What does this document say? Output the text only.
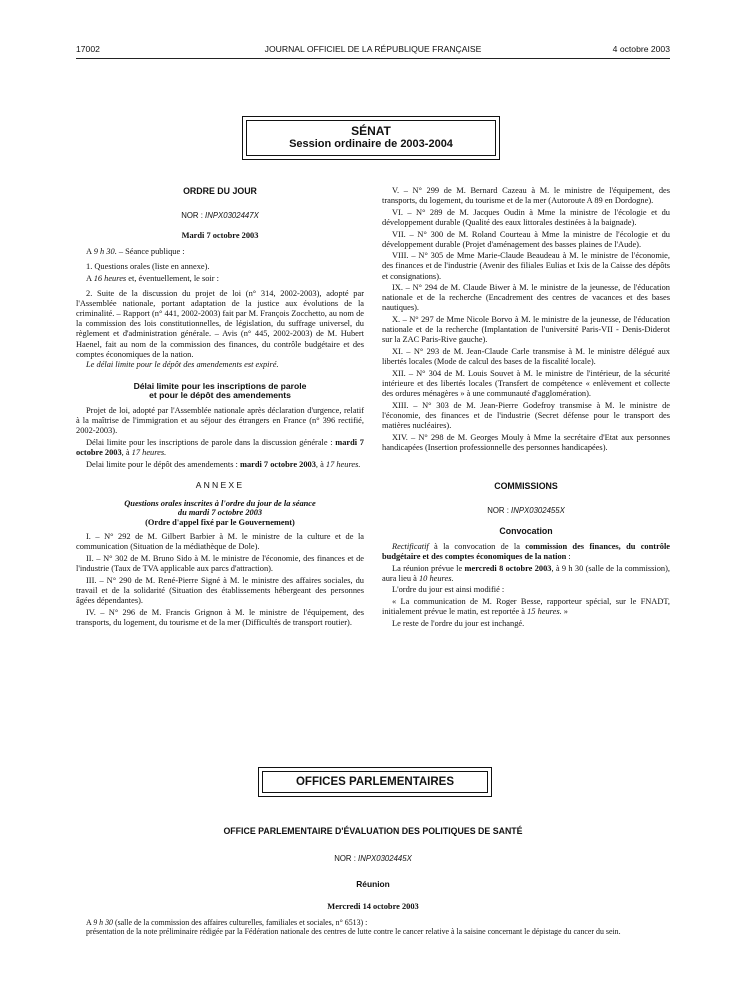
17002	JOURNAL OFFICIEL DE LA RÉPUBLIQUE FRANÇAISE	4 octobre 2003
SÉNAT
Session ordinaire de 2003-2004
ORDRE DU JOUR
NOR : INPX0302447X
Mardi 7 octobre 2003

A 9 h 30. – Séance publique :

1. Questions orales (liste en annexe).

A 16 heures et, éventuellement, le soir :

2. Suite de la discussion du projet de loi (n° 314, 2002-2003), adopté par l'Assemblée nationale, portant adaptation de la justice aux évolutions de la criminalité. – Rapport (n° 441, 2002-2003) fait par M. François Zocchetto, au nom de la commission des lois constitutionnelles, de législation, du suffrage universel, du règlement et d'administration générale. – Avis (n° 445, 2002-2003) de M. Hubert Haenel, fait au nom de la commission des finances, du contrôle budgétaire et des comptes économiques de la nation.

Le délai limite pour le dépôt des amendements est expiré.

Délai limite pour les inscriptions de parole
et pour le dépôt des amendements

Projet de loi, adopté par l'Assemblée nationale après déclaration d'urgence, relatif à la maîtrise de l'immigration et au séjour des étrangers en France (n° 396 rectifié, 2002-2003).

Délai limite pour les inscriptions de parole dans la discussion générale : mardi 7 octobre 2003, à 17 heures.

Delai limite pour le dépôt des amendements : mardi 7 octobre 2003, à 17 heures.

ANNEXE
Questions orales inscrites à l'ordre du jour de la séance
du mardi 7 octobre 2003
(Ordre d'appel fixé par le Gouvernement)

I. – N° 292 de M. Gilbert Barbier à M. le ministre de la culture et de la communication (Situation de la médiathèque de Dole).

II. – N° 302 de M. Bruno Sido à M. le ministre de l'économie, des finances et de l'industrie (Taux de TVA applicable aux parcs d'attraction).

III. – N° 290 de M. René-Pierre Signé à M. le ministre des affaires sociales, du travail et de la solidarité (Situation des établissements hébergeant des personnes âgées dépendantes).

IV. – N° 296 de M. Francis Grignon à M. le ministre de l'équipement, des transports, du logement, du tourisme et de la mer (Difficultés de transport routier).

V. – N° 299 de M. Bernard Cazeau à M. le ministre de l'équipement, des transports, du logement, du tourisme et de la mer (Autoroute A 89 en Dordogne).

VI. – N° 289 de M. Jacques Oudin à Mme la ministre de l'écologie et du développement durable (Qualité des eaux littorales destinées à la baignade).

VII. – N° 300 de M. Roland Courteau à Mme la ministre de l'écologie et du développement durable (Projet d'aménagement des basses plaines de l'Aude).

VIII. – N° 305 de Mme Marie-Claude Beaudeau à M. le ministre de l'économie, des finances et de l'industrie (Avenir des filiales Eulias et Ixis de la Caisse des dépôts et consignations).

IX. – N° 294 de M. Claude Biwer à M. le ministre de la jeunesse, de l'éducation nationale et de la recherche (Encadrement des centres de vacances et des bases nautiques).

X. – N° 297 de Mme Nicole Borvo à M. le ministre de la jeunesse, de l'éducation nationale et de la recherche (Implantation de l'université Paris-VII - Denis-Diderot sur la ZAC Paris-Rive gauche).

XI. – N° 293 de M. Jean-Claude Carle transmise à M. le ministre délégué aux libertés locales (Mode de calcul des bases de la fiscalité locale).

XII. – N° 304 de M. Louis Souvet à M. le ministre de l'intérieur, de la sécurité intérieure et des libertés locales (Transfert de compétence « enlèvement et collecte des ordures ménagères » à une communauté d'agglomération).

XIII. – N° 303 de M. Jean-Pierre Godefroy transmise à M. le ministre de l'économie, des finances et de l'industrie (Secret défense pour le transport des matières nucléaires).

XIV. – N° 298 de M. Georges Mouly à Mme la secrétaire d'Etat aux personnes handicapées (Insertion professionnelle des personnes handicapées).

COMMISSIONS
NOR : INPX0302455X
Convocation

Rectificatif à la convocation de la commission des finances, du contrôle budgétaire et des comptes économiques de la nation :

La réunion prévue le mercredi 8 octobre 2003, à 9 h 30 (salle de la commission), aura lieu à 10 heures.

L'ordre du jour est ainsi modifié :

« La communication de M. Roger Besse, rapporteur spécial, sur le FNADT, initialement prévue le matin, est reportée à 15 heures. »

Le reste de l'ordre du jour est inchangé.

OFFICES PARLEMENTAIRES
OFFICE PARLEMENTAIRE D'ÉVALUATION DES POLITIQUES DE SANTÉ
NOR : INPX0302445X
Réunion
Mercredi 14 octobre 2003
A 9 h 30 (salle de la commission des affaires culturelles, familiales et sociales, n° 6513) :
présentation de la note préliminaire rédigée par la Fédération nationale des centres de lutte contre le cancer relative à la saisine concernant le dépistage du cancer du sein.
